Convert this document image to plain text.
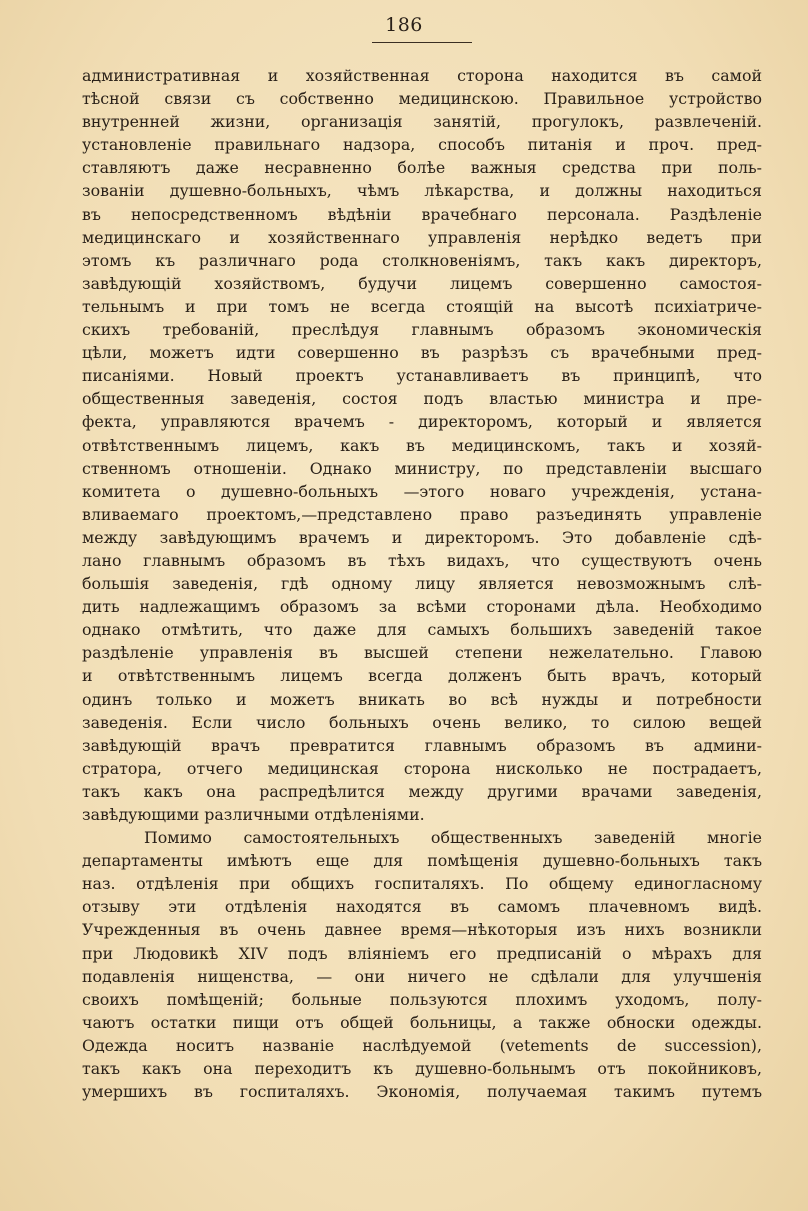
186
административная и хозяйственная сторона находится въ самой
тѣсной связи съ собственно медицинскою. Правильное устройство
внутренней жизни, организація занятій, прогулокъ, развлеченій.
установленіе правильнаго надзора, способъ питанія и проч. пред-
ставляютъ даже несравненно болѣе важныя средства при поль-
зованіи душевно-больныхъ, чѣмъ лѣкарства, и должны находиться
въ непосредственномъ вѣдѣніи врачебнаго персонала. Раздѣленіе
медицинскаго и хозяйственнаго управленія нерѣдко ведетъ при
этомъ къ различнаго рода столкновеніямъ, такъ какъ директоръ,
завѣдующій хозяйствомъ, будучи лицемъ совершенно самостоя-
тельнымъ и при томъ не всегда стоящій на высотѣ психіатриче-
скихъ требованій, преслѣдуя главнымъ образомъ экономическія
цѣли, можетъ идти совершенно въ разрѣзъ съ врачебными пред-
писаніями. Новый проектъ устанавливаетъ въ принципѣ, что
общественныя заведенія, состоя подъ властью министра и пре-
фекта, управляются врачемъ - директоромъ, который и является
отвѣтственнымъ лицемъ, какъ въ медицинскомъ, такъ и хозяй-
ственномъ отношеніи. Однако министру, по представленіи высшаго
комитета о душевно-больныхъ —этого новаго учрежденія, устана-
вливаемаго проектомъ,—представлено право разъединять управленіе
между завѣдующимъ врачемъ и директоромъ. Это добавленіе сдѣ-
лано главнымъ образомъ въ тѣхъ видахъ, что существуютъ очень
большія заведенія, гдѣ одному лицу является невозможнымъ слѣ-
дить надлежащимъ образомъ за всѣми сторонами дѣла. Необходимо
однако отмѣтить, что даже для самыхъ большихъ заведеній такое
раздѣленіе управленія въ высшей степени нежелательно. Главою
и отвѣтственнымъ лицемъ всегда долженъ быть врачъ, который
одинъ только и можетъ вникать во всѣ нужды и потребности
заведенія. Если число больныхъ очень велико, то силою вещей
завѣдующій врачъ превратится главнымъ образомъ въ админи-
стратора, отчего медицинская сторона нисколько не пострадаетъ,
такъ какъ она распредѣлится между другими врачами заведенія,
завѣдующими различными отдѣленіями.
Помимо самостоятельныхъ общественныхъ заведеній многіе
департаменты имѣютъ еще для помѣщенія душевно-больныхъ такъ
наз. отдѣленія при общихъ госпиталяхъ. По общему единогласному
отзыву эти отдѣленія находятся въ самомъ плачевномъ видѣ.
Учрежденныя въ очень давнее время—нѣкоторыя изъ нихъ возникли
при Людовикѣ XIV подъ вліяніемъ его предписаній о мѣрахъ для
подавленія нищенства, — они ничего не сдѣлали для улучшенія
своихъ помѣщеній; больные пользуются плохимъ уходомъ, полу-
чаютъ остатки пищи отъ общей больницы, а также обноски одежды.
Одежда носитъ названіе наслѣдуемой (vetements de succession),
такъ какъ она переходитъ къ душевно-больнымъ отъ покойниковъ,
умершихъ въ госпиталяхъ. Экономія, получаемая такимъ путемъ
